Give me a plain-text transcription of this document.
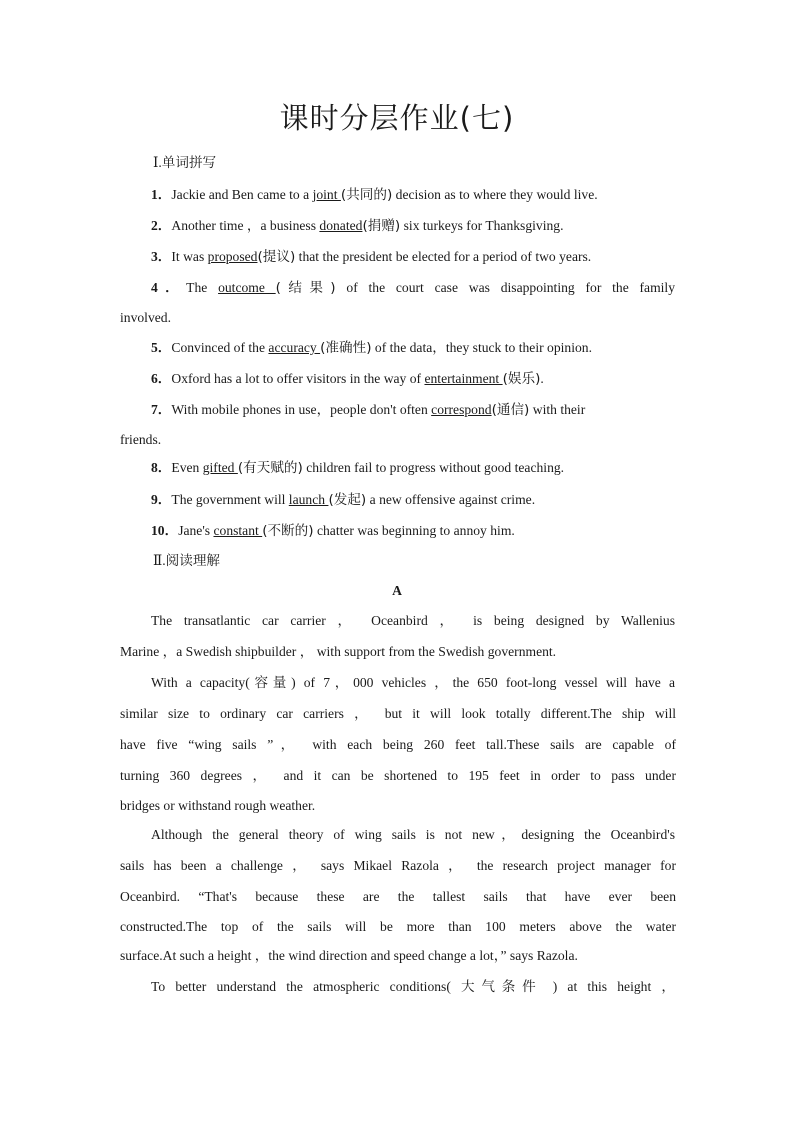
课时分层作业(七)
Ⅰ.单词拼写
1．Jackie and Ben came to a joint (共同的) decision as to where they would live.
2．Another time ，a business donated(捐赠) six turkeys for Thanksgiving.
3．It was proposed(提议) that the president be elected for a period of two years.
4．The outcome (结果) of the court case was disappointing for the family
involved.
5．Convinced of the accuracy (准确性) of the data，they stuck to their opinion.
6．Oxford has a lot to offer visitors in the way of entertainment (娱乐).
7．With mobile phones in use，people don't often correspond(通信) with their
friends.
8．Even gifted (有天赋的) children fail to progress without good teaching.
9．The government will launch (发起) a new offensive against crime.
10．Jane's constant (不断的) chatter was beginning to annoy him.
Ⅱ.阅读理解
A
The transatlantic car carrier ， Oceanbird ， is being designed by Wallenius
Marine ，a Swedish shipbuilder ， with support from the Swedish government.
With a capacity(容量) of 7，000 vehicles ，the 650 foot-long vessel will have a
similar size to ordinary car carriers ， but it will look totally different.The ship will
have five “wing sails ”， with each being 260 feet tall.These sails are capable of
turning 360 degrees ， and it can be shortened to 195 feet in order to pass under
bridges or withstand rough weather.
Although the general theory of wing sails is not new，designing the Oceanbird's
sails has been a challenge ， says Mikael Razola ， the research project manager for
Oceanbird. “That's because these are the tallest sails that have ever been
constructed.The top of the sails will be more than 100 meters above the water
surface.At such a height ，the wind direction and speed change a lot，” says Razola.
To better understand the atmospheric conditions( 大气条件 ) at this height ，
